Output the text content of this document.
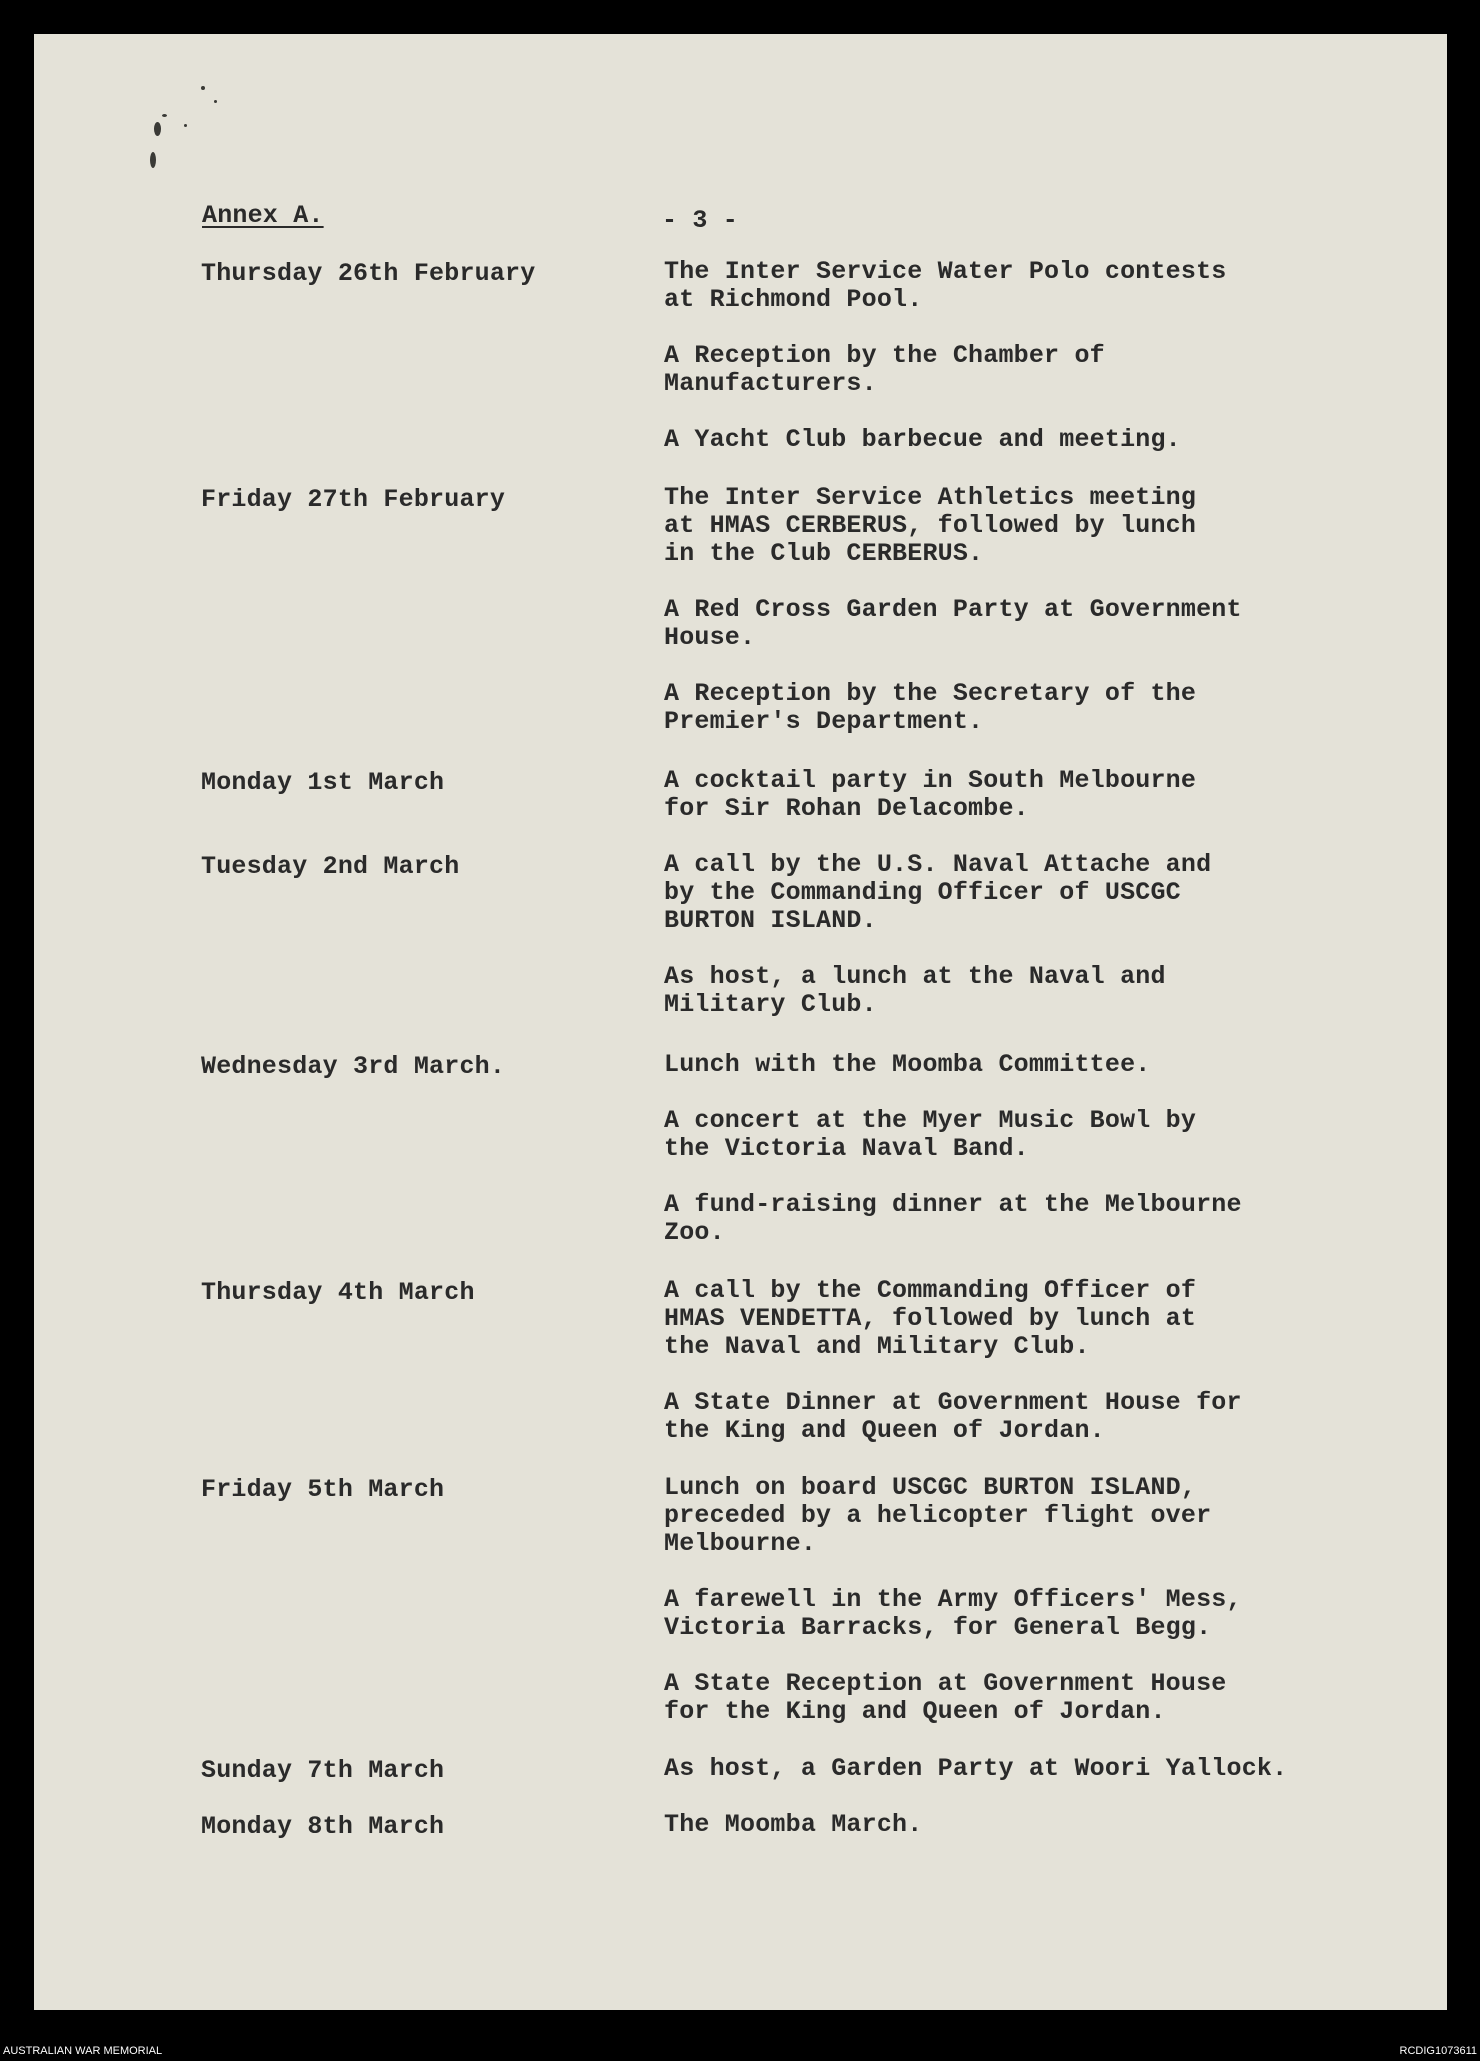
Annex A.	- 3 -
Thursday 26th February	The Inter Service Water Polo contests
at Richmond Pool.
A Reception by the Chamber of
Manufacturers.
A Yacht Club barbecue and meeting.
Friday 27th February	The Inter Service Athletics meeting
at HMAS CERBERUS, followed by lunch
in the Club CERBERUS.
A Red Cross Garden Party at Government
House.
A Reception by the Secretary of the
Premier's Department.
Monday 1st March	A cocktail party in South Melbourne
for Sir Rohan Delacombe.
Tuesday 2nd March	A call by the U.S. Naval Attache and
by the Commanding Officer of USCGC
BURTON ISLAND.
As host, a lunch at the Naval and
Military Club.
Wednesday 3rd March.	Lunch with the Moomba Committee.
A concert at the Myer Music Bowl by
the Victoria Naval Band.
A fund-raising dinner at the Melbourne
Zoo.
Thursday 4th March	A call by the Commanding Officer of
HMAS VENDETTA, followed by lunch at
the Naval and Military Club.
A State Dinner at Government House for
the King and Queen of Jordan.
Friday 5th March	Lunch on board USCGC BURTON ISLAND,
preceded by a helicopter flight over
Melbourne.
A farewell in the Army Officers' Mess,
Victoria Barracks, for General Begg.
A State Reception at Government House
for the King and Queen of Jordan.
Sunday 7th March	As host, a Garden Party at Woori Yallock.
Monday 8th March	The Moomba March.
AUSTRALIAN WAR MEMORIAL	RCDIG1073611
